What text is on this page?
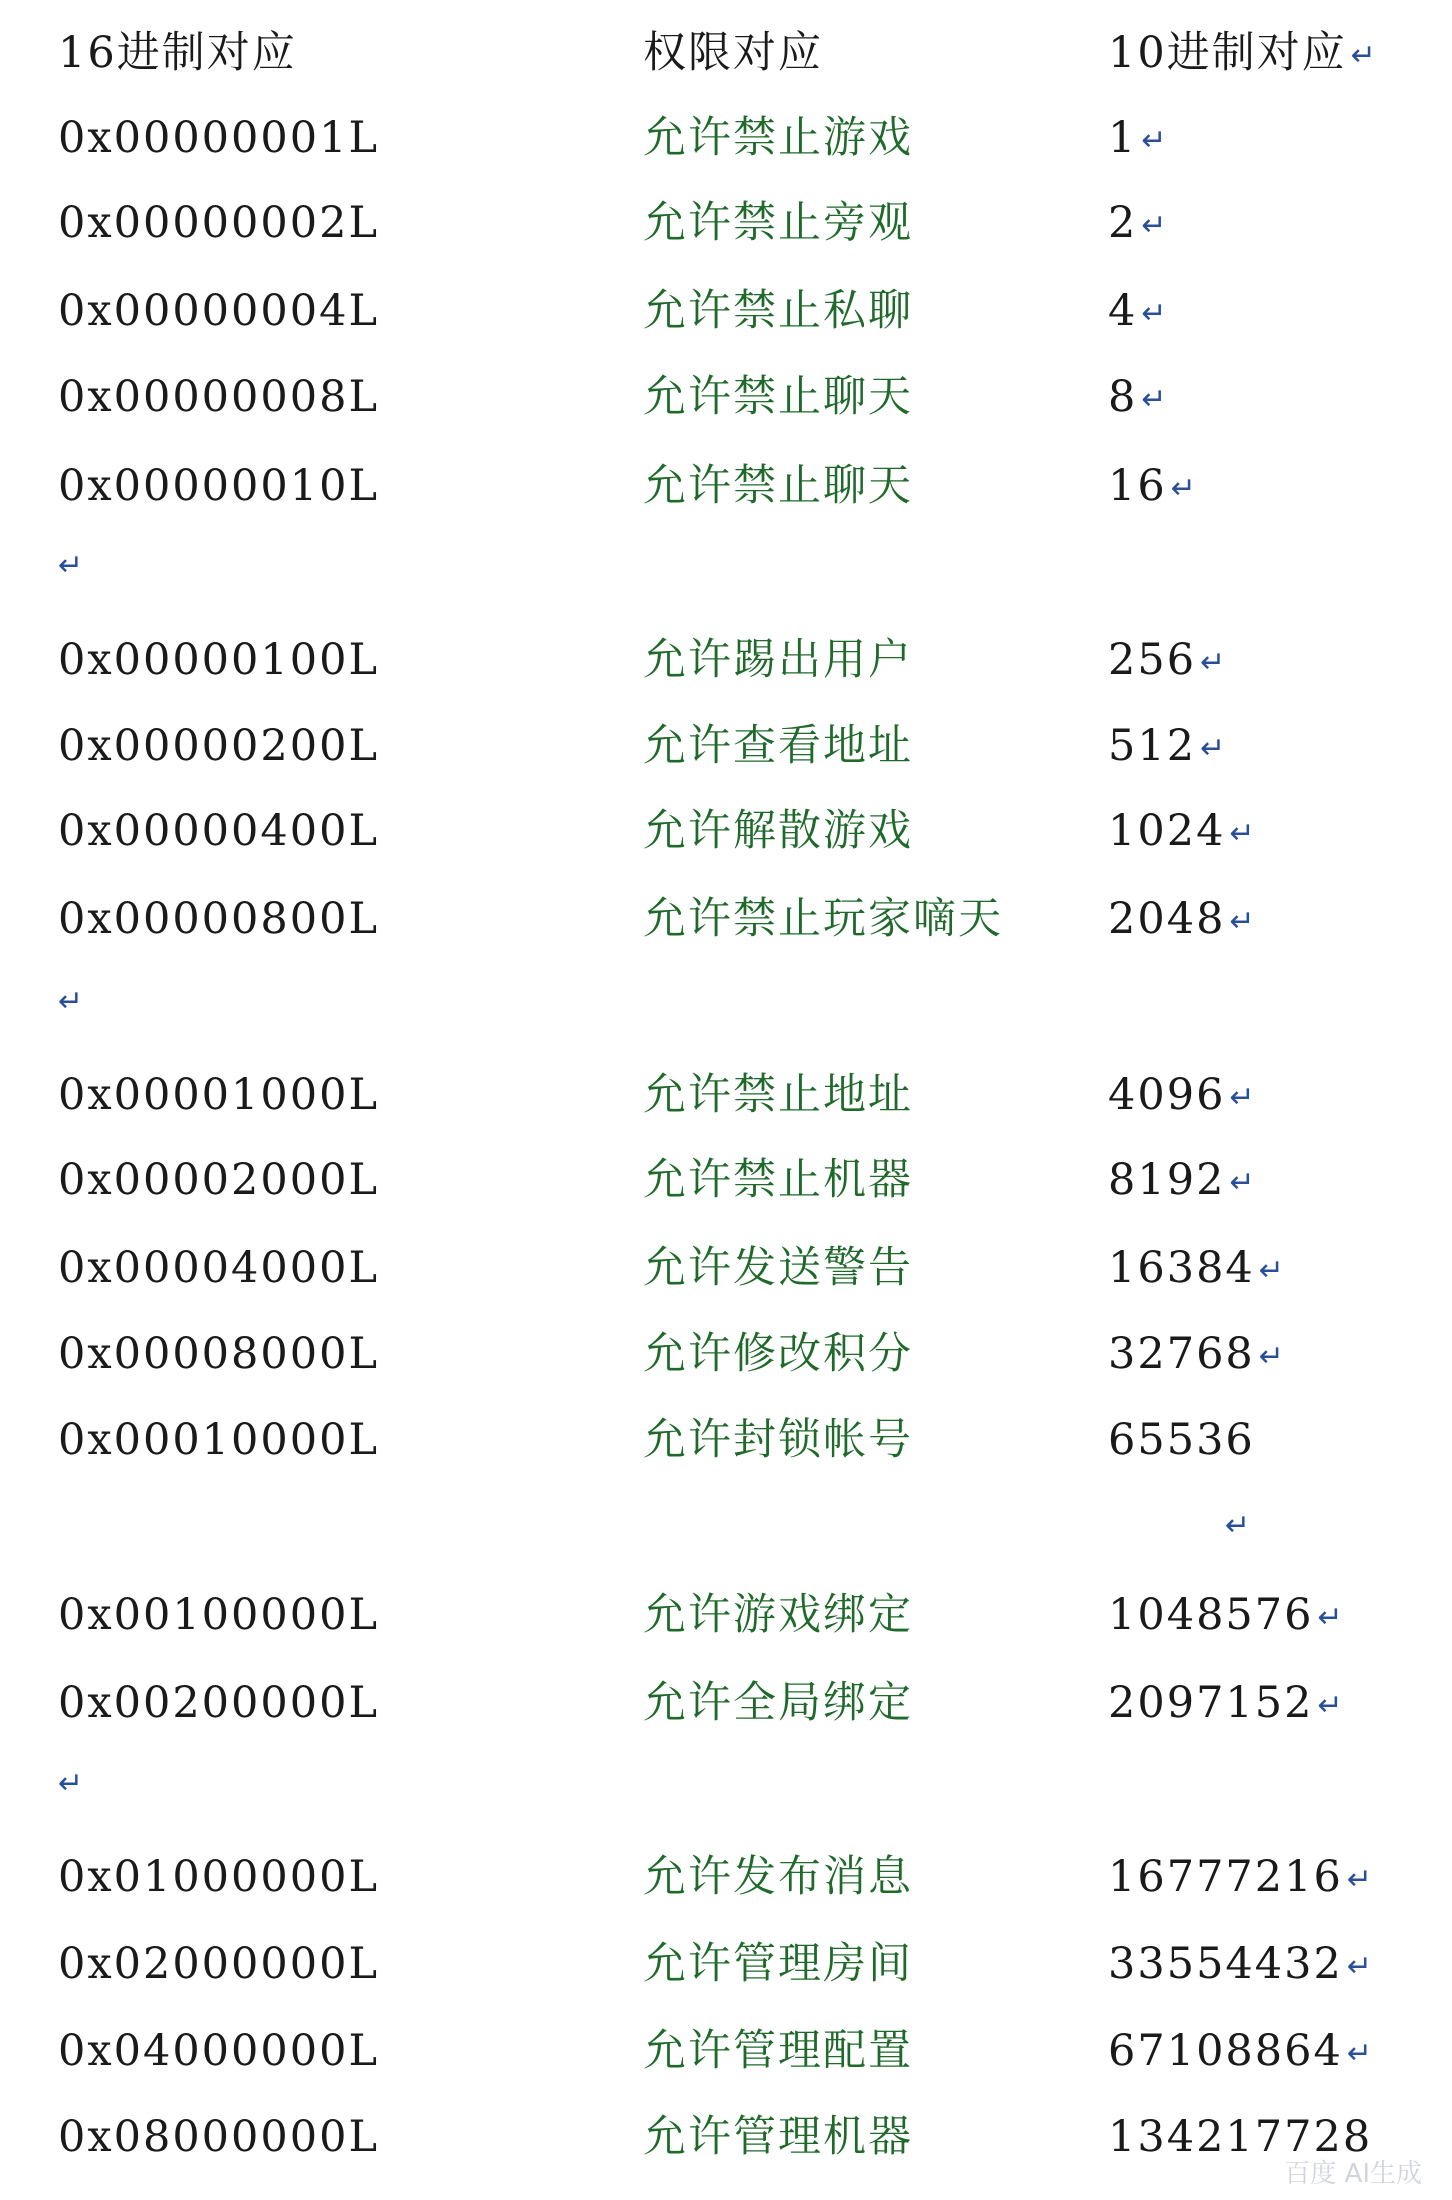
16进制对应	权限对应	10进制对应 ↵
0x00000001L	允许禁止游戏	1 ↵
0x00000002L	允许禁止旁观	2 ↵
0x00000004L	允许禁止私聊	4 ↵
0x00000008L	允许禁止聊天	8 ↵
0x00000010L	允许禁止聊天	16 ↵
↵
0x00000100L	允许踢出用户	256 ↵
0x00000200L	允许查看地址	512 ↵
0x00000400L	允许解散游戏	1024 ↵
0x00000800L	允许禁止玩家嘀天 2048 ↵
↵
0x00001000L	允许禁止地址	4096 ↵
0x00002000L	允许禁止机器	8192 ↵
0x00004000L	允许发送警告	16384 ↵
0x00008000L	允许修改积分	32768 ↵
0x00010000L	允许封锁帐号	65536
↵
0x00100000L	允许游戏绑定	1048576 ↵
0x00200000L	允许全局绑定	2097152 ↵
↵
0x01000000L	允许发布消息	16777216 ↵
0x02000000L	允许管理房间	33554432 ↵
0x04000000L	允许管理配置	67108864 ↵
0x08000000L	允许管理机器	134217728
百度 AI生成
